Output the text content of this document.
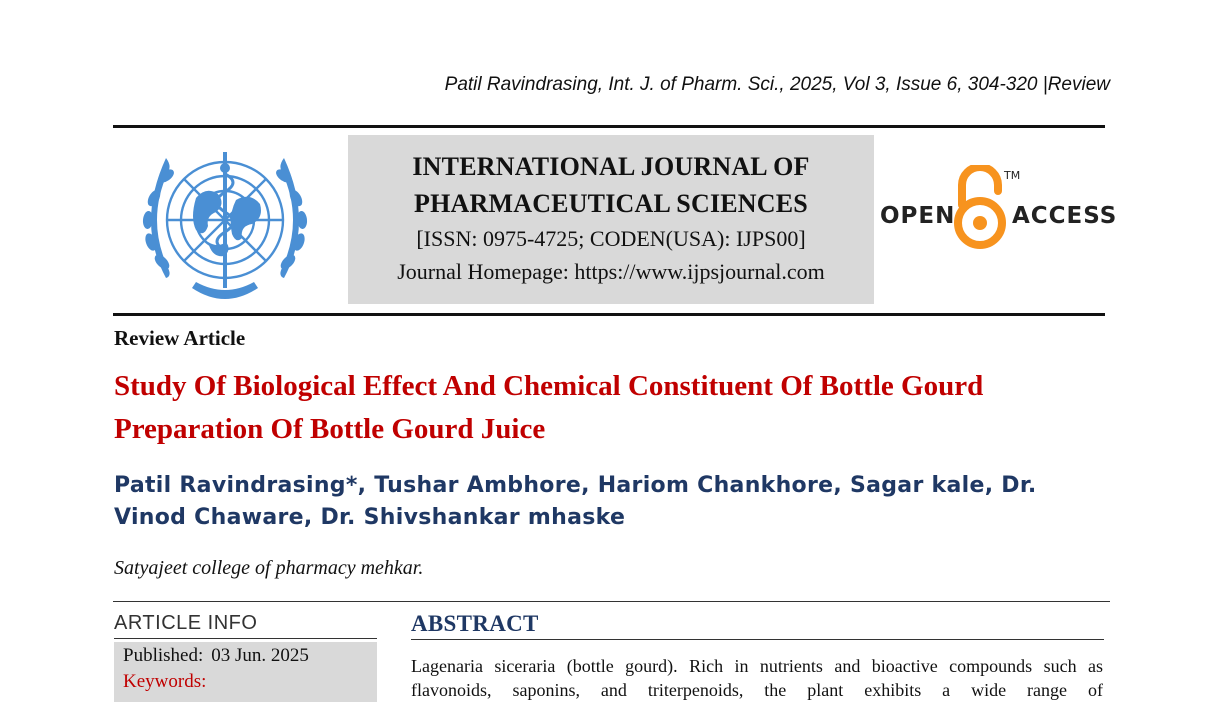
Patil Ravindrasing, Int. J. of Pharm. Sci., 2025, Vol 3, Issue 6, 304-320 |Review
INTERNATIONAL JOURNAL OF
PHARMACEUTICAL SCIENCES
[ISSN: 0975-4725; CODEN(USA): IJPS00]
Journal Homepage: https://www.ijpsjournal.com
OPEN
TM
ACCESS
Review Article
Study Of Biological Effect And Chemical Constituent Of Bottle Gourd Preparation Of Bottle Gourd Juice
Patil Ravindrasing*, Tushar Ambhore, Hariom Chankhore, Sagar kale, Dr. Vinod Chaware, Dr. Shivshankar mhaske
Satyajeet college of pharmacy mehkar.
ARTICLE INFO
Published: 03 Jun. 2025
Keywords:
ABSTRACT
Lagenaria siceraria (bottle gourd). Rich in nutrients and bioactive compounds such as flavonoids, saponins, and triterpenoids, the plant exhibits a wide range of
